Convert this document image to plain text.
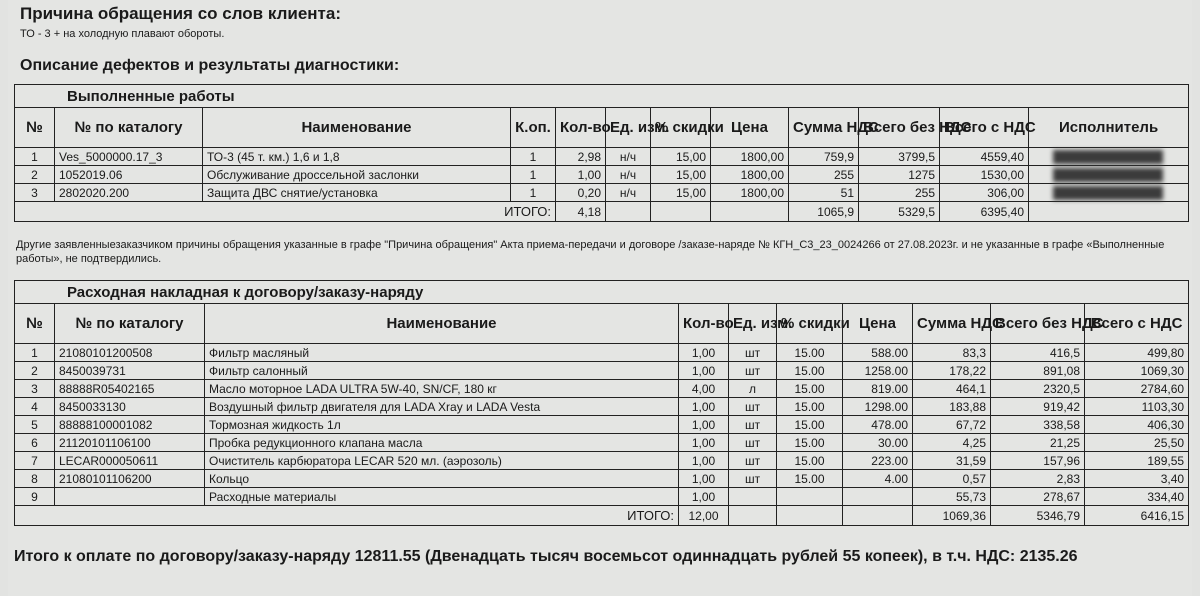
Причина обращения со слов клиента:
ТО - 3 + на холодную плавают обороты.
Описание дефектов и результаты диагностики:
Выполненные работы											
№	№ по каталогу	Наименование	К.оп.	Кол-во	Ед. изм.	% скидки	Цена	Сумма НДС	Всего без НДС	Всего с НДС	Исполнитель
1	Ves_5000000.17_3	ТО-3 (45 т. км.) 1,6 и 1,8	1	2,98	н/ч	15,00	1800,00	759,9	3799,5	4559,40	
2	1052019.06	Обслуживание дроссельной заслонки	1	1,00	н/ч	15,00	1800,00	255	1275	1530,00	
3	2802020.200	Защита ДВС снятие/установка	1	0,20	н/ч	15,00	1800,00	51	255	306,00	
ИТОГО:				4,18				1065,9	5329,5	6395,40	
Другие заявленныезаказчиком причины обращения указанные в графе "Причина обращения" Акта приема-передачи и договоре /заказе-наряде № КГН_С3_23_0024266 от 27.08.2023г. и не указанные в графе «Выполненные работы», не подтвердились.
Расходная накладная к договору/заказу-наряду									
№	№ по каталогу	Наименование	Кол-во	Ед. изм.	% скидки	Цена	Сумма НДС	Всего без НДС	Всего с НДС
1	21080101200508	Фильтр масляный	1,00	шт	15.00	588.00	83,3	416,5	499,80
2	8450039731	Фильтр салонный	1,00	шт	15.00	1258.00	178,22	891,08	1069,30
3	88888R05402165	Масло моторное LADA ULTRA 5W-40, SN/CF, 180 кг	4,00	л	15.00	819.00	464,1	2320,5	2784,60
4	8450033130	Воздушный фильтр двигателя для LADA Xray и LADA Vesta	1,00	шт	15.00	1298.00	183,88	919,42	1103,30
5	88888100001082	Тормозная жидкость 1л	1,00	шт	15.00	478.00	67,72	338,58	406,30
6	21120101106100	Пробка редукционного клапана масла	1,00	шт	15.00	30.00	4,25	21,25	25,50
7	LECAR000050611	Очиститель карбюратора LECAR 520 мл. (аэрозоль)	1,00	шт	15.00	223.00	31,59	157,96	189,55
8	21080101106200	Кольцо	1,00	шт	15.00	4.00	0,57	2,83	3,40
9		Расходные материалы	1,00				55,73	278,67	334,40
ИТОГО:			12,00				1069,36	5346,79	6416,15
Итого к оплате по договору/заказу-наряду 12811.55 (Двенадцать тысяч восемьсот одиннадцать рублей 55 копеек), в т.ч. НДС: 2135.26
